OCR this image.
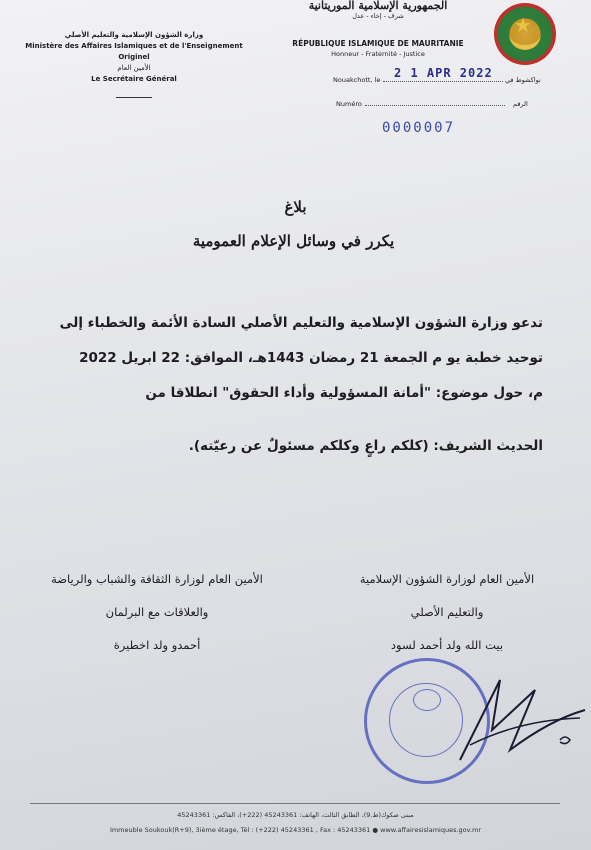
وزارة الشؤون الإسلامية والتعليم الأصلي
Ministère des Affaires Islamiques et de l'Enseignement
Originel
الأمين العام
Le Secrétaire Général
الجمهورية الإسلامية الموريتانية
شرف - إخاء - عدل
RÉPUBLIQUE ISLAMIQUE DE MAURITANIE
Honneur - Fraternité - Justice
★
Nouakchott, le 2 1 APR 2022 نواكشوط في
Numéro	الرقم
0000007
بلاغ
يكرر في وسائل الإعلام العمومية
تدعو وزارة الشؤون الإسلامية والتعليم الأصلي السادة الأئمة والخطباء إلى
توحيد خطبة يو م الجمعة 21 رمضان 1443هـ، الموافق: 22 ابريل 2022
م، حول موضوع: "أمانة المسؤولية وأداء الحقوق" انطلاقا من
الحديث الشريف: (كلكم راعٍ وكلكم مسئولٌ عن رعيّته).
الأمين العام لوزارة الشؤون الإسلامية
والتعليم الأصلي
بيت الله ولد أحمد لسود
الأمين العام لوزارة الثقافة والشباب والرياضة
والعلاقات مع البرلمان
أحمدو ولد اخطيرة
مبنى صكوك(ط.9)، الطابق الثالث، الهاتف: 45243361 (222+)، الفاكس: 45243361
Immeuble Soukouk(R+9), 3ième étage, Tél : (+222) 45243361 , Fax : 45243361 ● www.affairesislamiques.gov.mr
